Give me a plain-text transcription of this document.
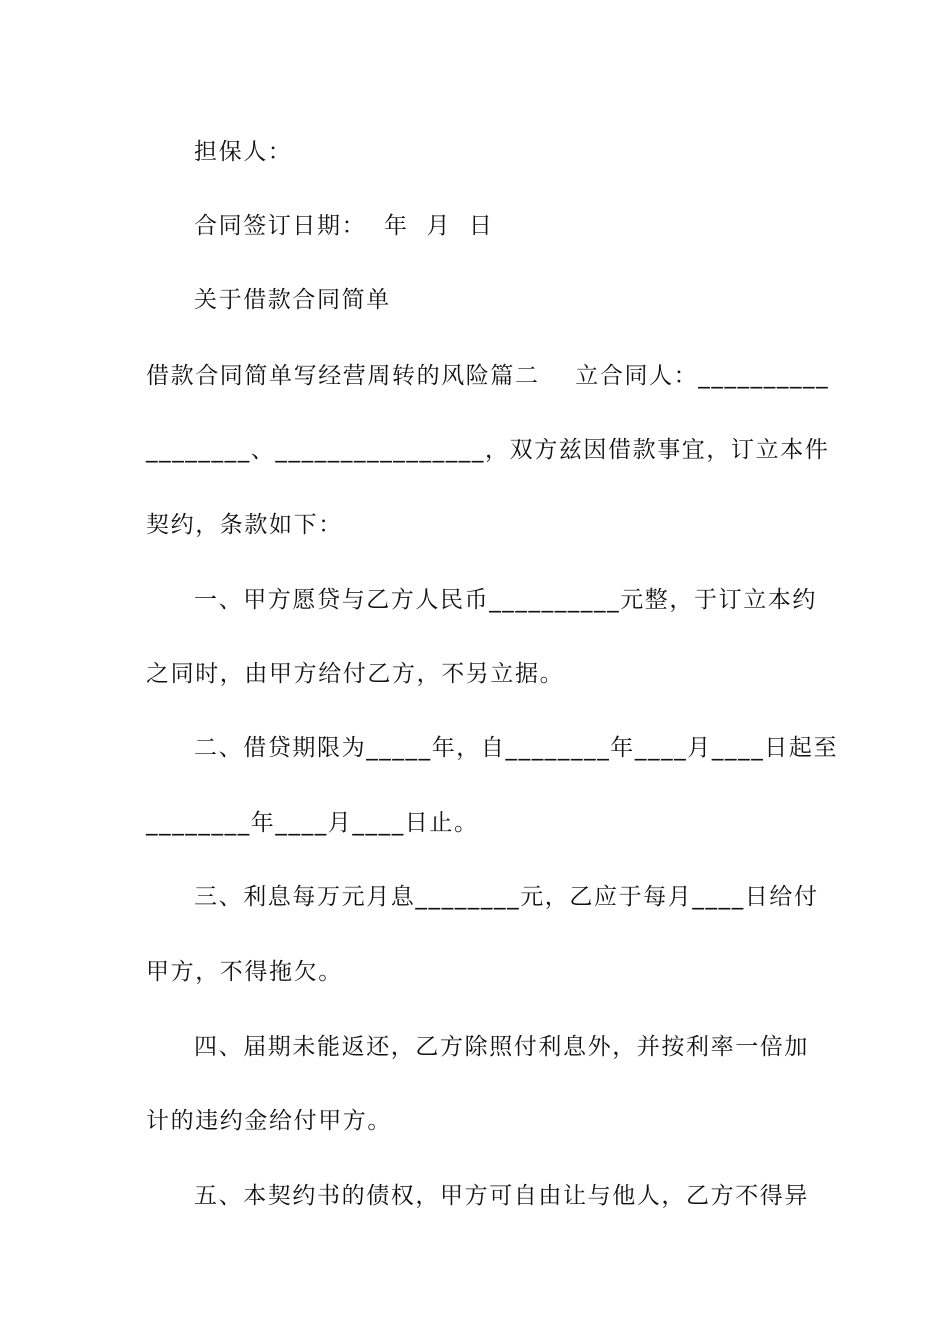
担保人：
合同签订日期：  年  月  日
关于借款合同简单
借款合同简单写经营周转的风险篇二    立合同人：__________
________、________________，双方兹因借款事宜，订立本件
契约，条款如下：
一、甲方愿贷与乙方人民币__________元整，于订立本约
之同时，由甲方给付乙方，不另立据。
二、借贷期限为_____年，自________年____月____日起至
________年____月____日止。
三、利息每万元月息________元，乙应于每月____日给付
甲方，不得拖欠。
四、届期未能返还，乙方除照付利息外，并按利率一倍加
计的违约金给付甲方。
五、本契约书的债权，甲方可自由让与他人，乙方不得异
